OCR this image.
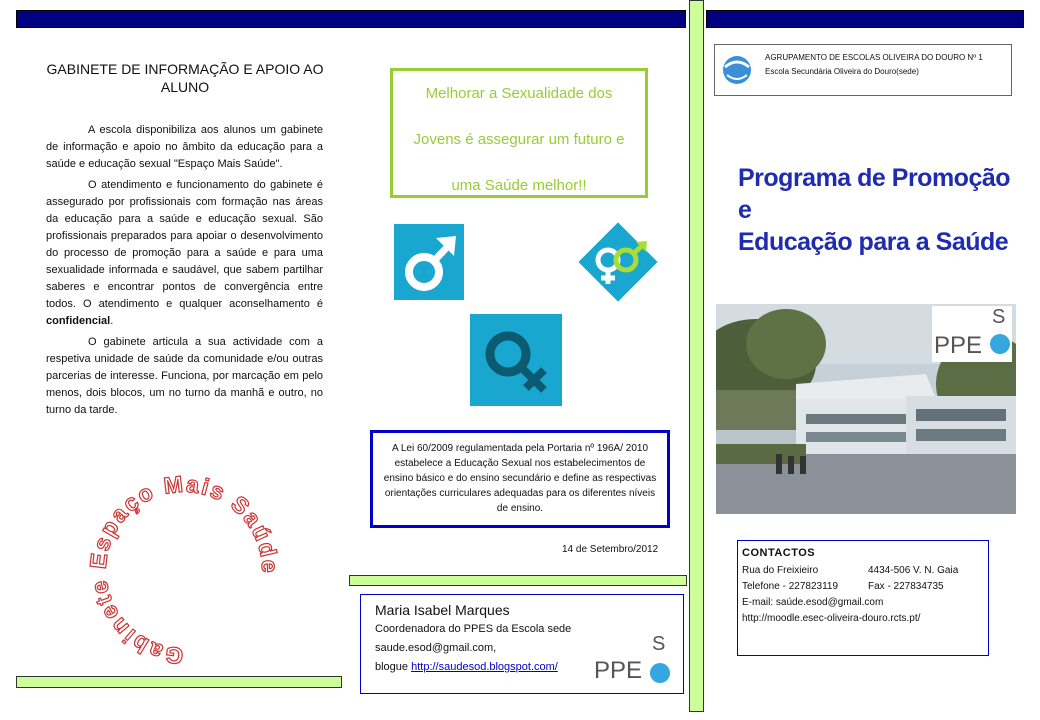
GABINETE DE INFORMAÇÃO E APOIO AO ALUNO

A escola disponibiliza aos alunos um gabinete de informação e apoio no âmbito da educação para a saúde e educação sexual "Espaço Mais Saúde".

O atendimento e funcionamento do gabinete é assegurado por profissionais com formação nas áreas da educação para a saúde e educação sexual. São profissionais preparados para apoiar o desenvolvimento do processo de promoção para a saúde e para uma sexualidade informada e saudável, que sabem partilhar saberes e encontrar pontos de convergência entre todos. O atendimento e qualquer aconselhamento é confidencial.

O gabinete articula a sua actividade com a respetiva unidade de saúde da comunidade e/ou outras parcerias de interesse. Funciona, por marcação em pelo menos, dois blocos, um no turno da manhã e outro, no turno da tarde.

Gabinete Espaço Mais Saúde
Melhorar a Sexualidade dos
Jovens é assegurar um futuro e
uma Saúde melhor!!
A Lei 60/2009 regulamentada pela Portaria nº 196A/ 2010 estabelece a Educação Sexual nos estabelecimentos de ensino básico e do ensino secundário e define as respectivas orientações curriculares adequadas para os diferentes níveis de ensino.
14 de Setembro/2012
Maria Isabel Marques
Coordenadora do PPES da Escola sede
saude.esod@gmail.com,
blogue http://saudesod.blogspot.com/	PPE
S
AGRUPAMENTO DE ESCOLAS OLIVEIRA DO DOURO Nº 1
Escola Secundária Oliveira do Douro(sede)
Programa de Promoção e
Educação para a Saúde
PPE
S
CONTACTOS
Rua do Freixieiro	4434-506 V. N. Gaia
Telefone - 227823119	Fax - 227834735
E-mail: saúde.esod@gmail.com
http://moodle.esec-oliveira-douro.rcts.pt/
